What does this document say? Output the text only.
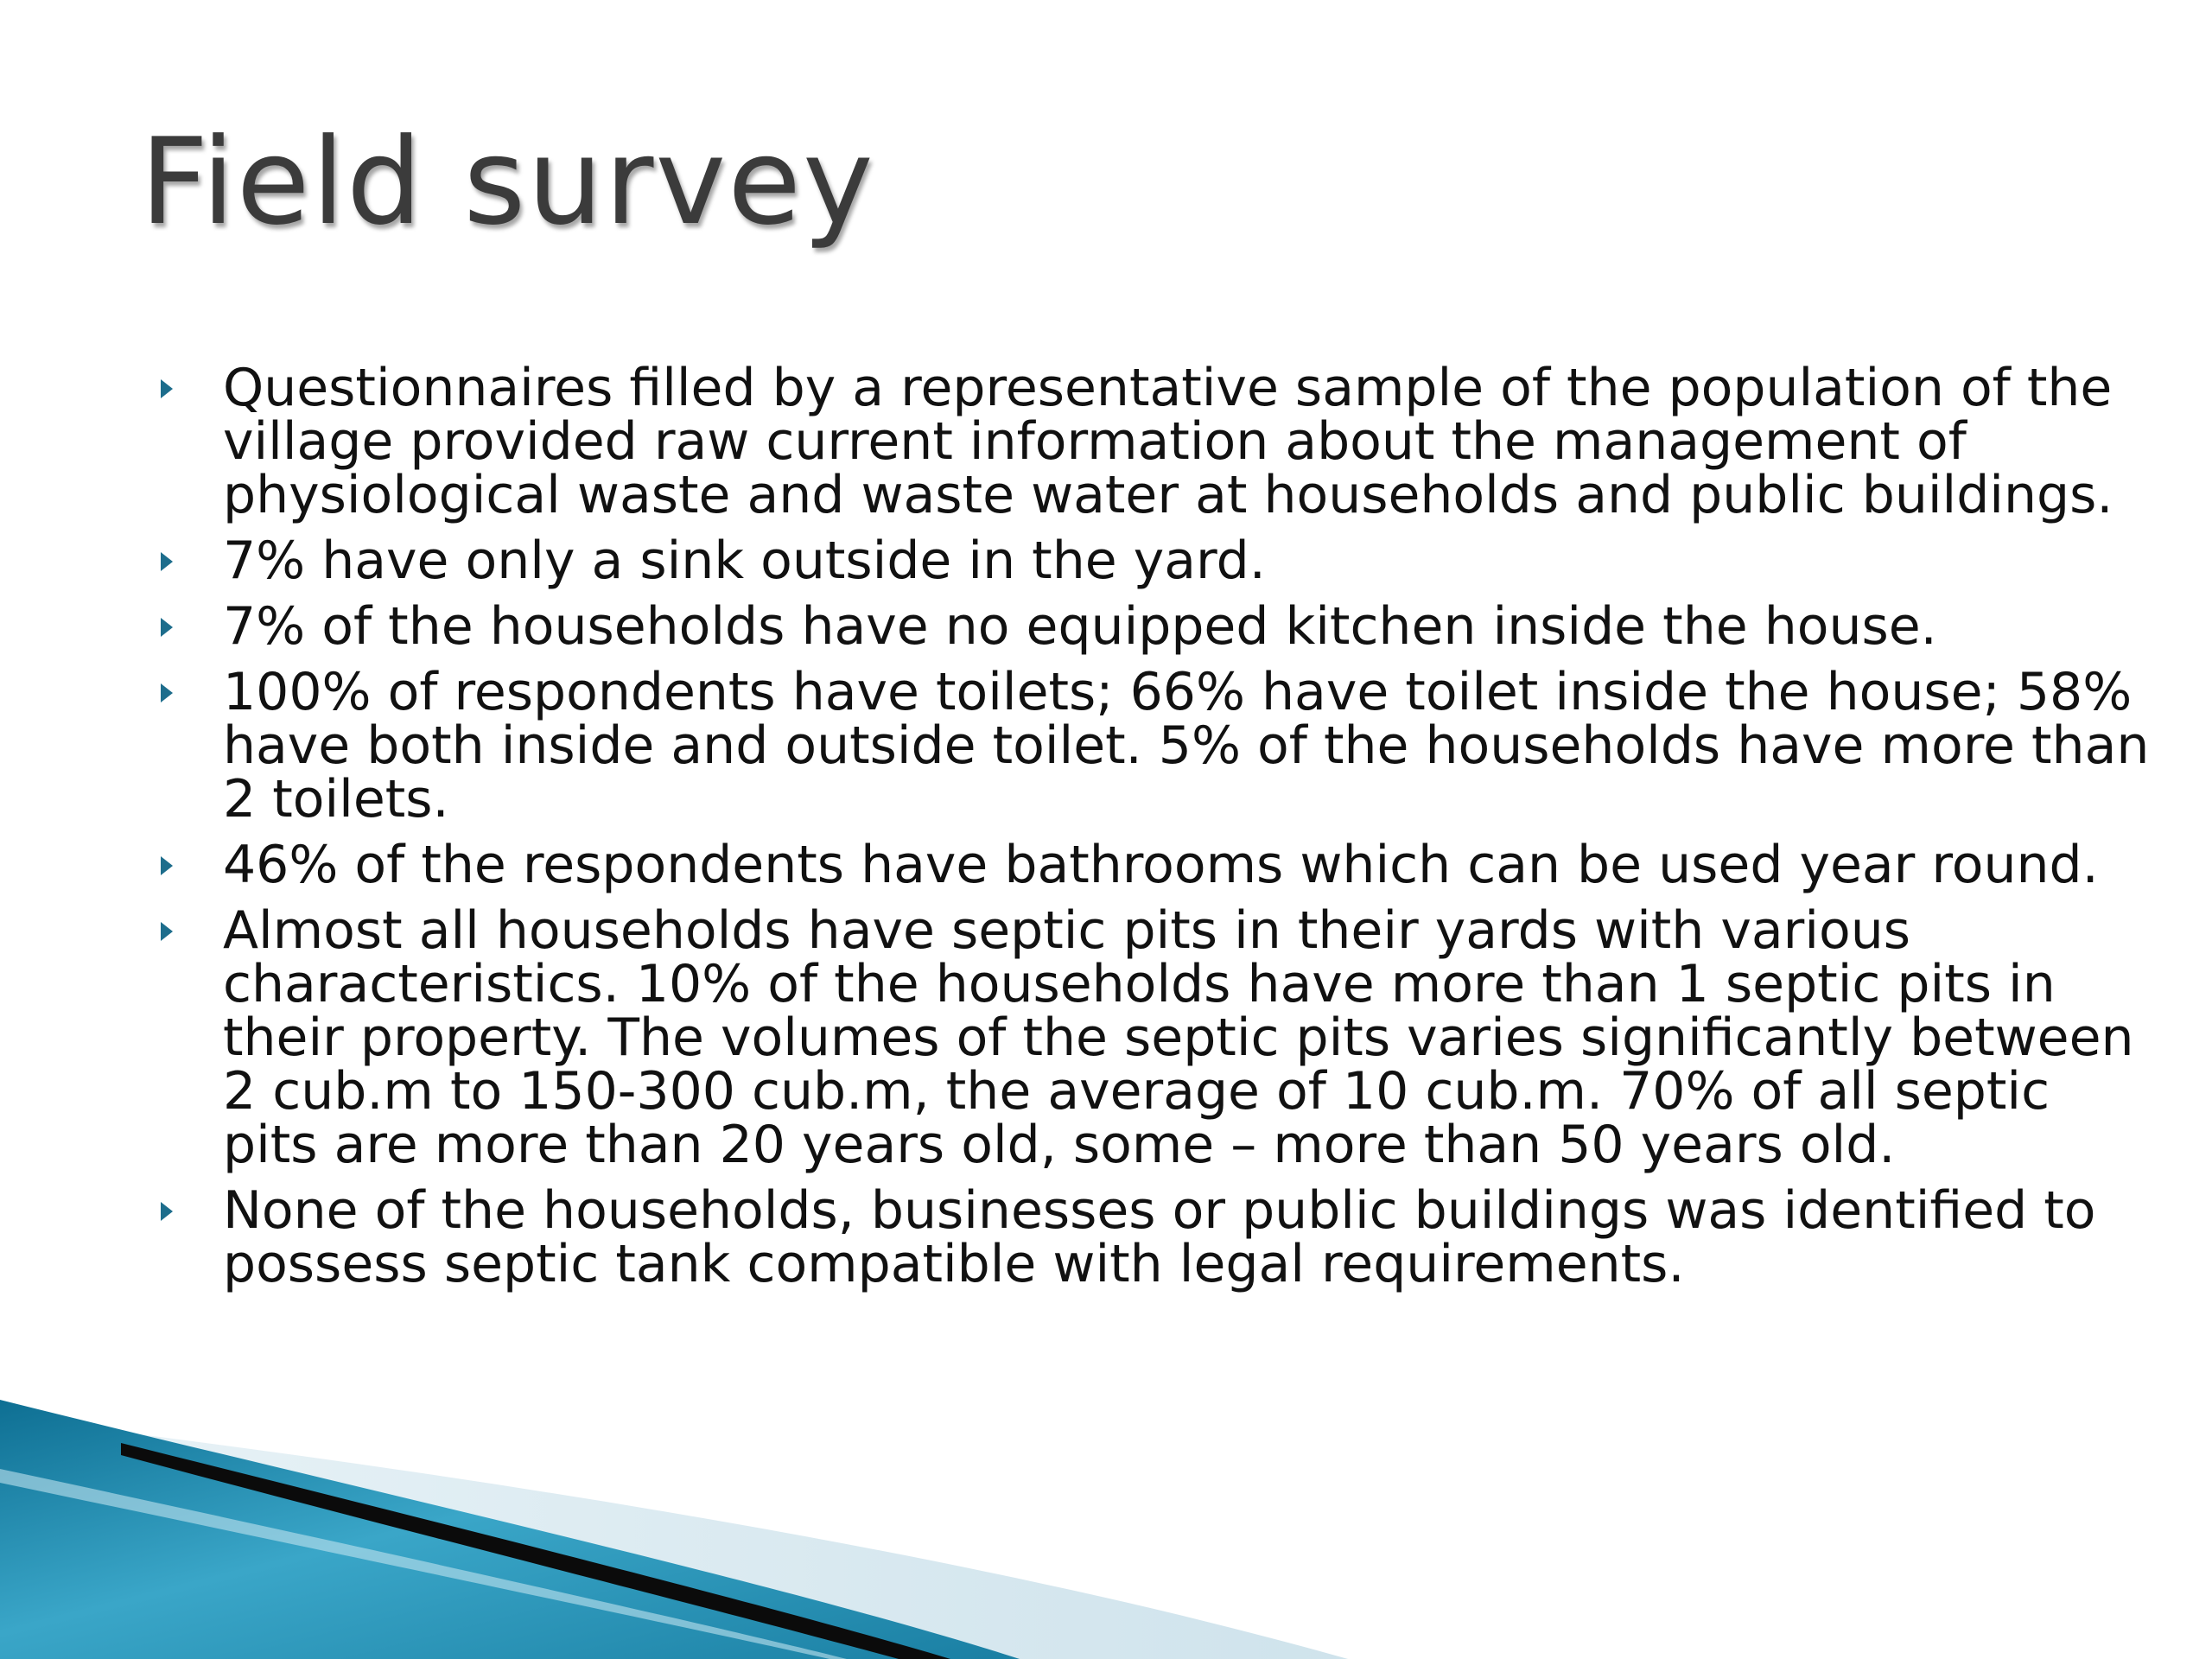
Field survey
Questionnaires filled by a representative sample of the population of the village provided raw current information about the management of physiological waste and waste water at households and public buildings.
7% have only a sink outside in the yard.
7% of the households have no equipped kitchen inside the house.
100% of respondents have toilets; 66% have toilet inside the house; 58% have both inside and outside toilet. 5% of the households have more than 2 toilets.
46% of the respondents have bathrooms which can be used year round.
Almost all households have septic pits in their yards with various characteristics. 10% of the households have more than 1 septic pits in their property. The volumes of the septic pits varies significantly between 2 cub.m to 150-300 cub.m, the average of 10 cub.m. 70% of all septic pits are more than 20 years old, some – more than 50 years old.
None of the households, businesses or public buildings was identified to possess septic tank compatible with legal requirements.
